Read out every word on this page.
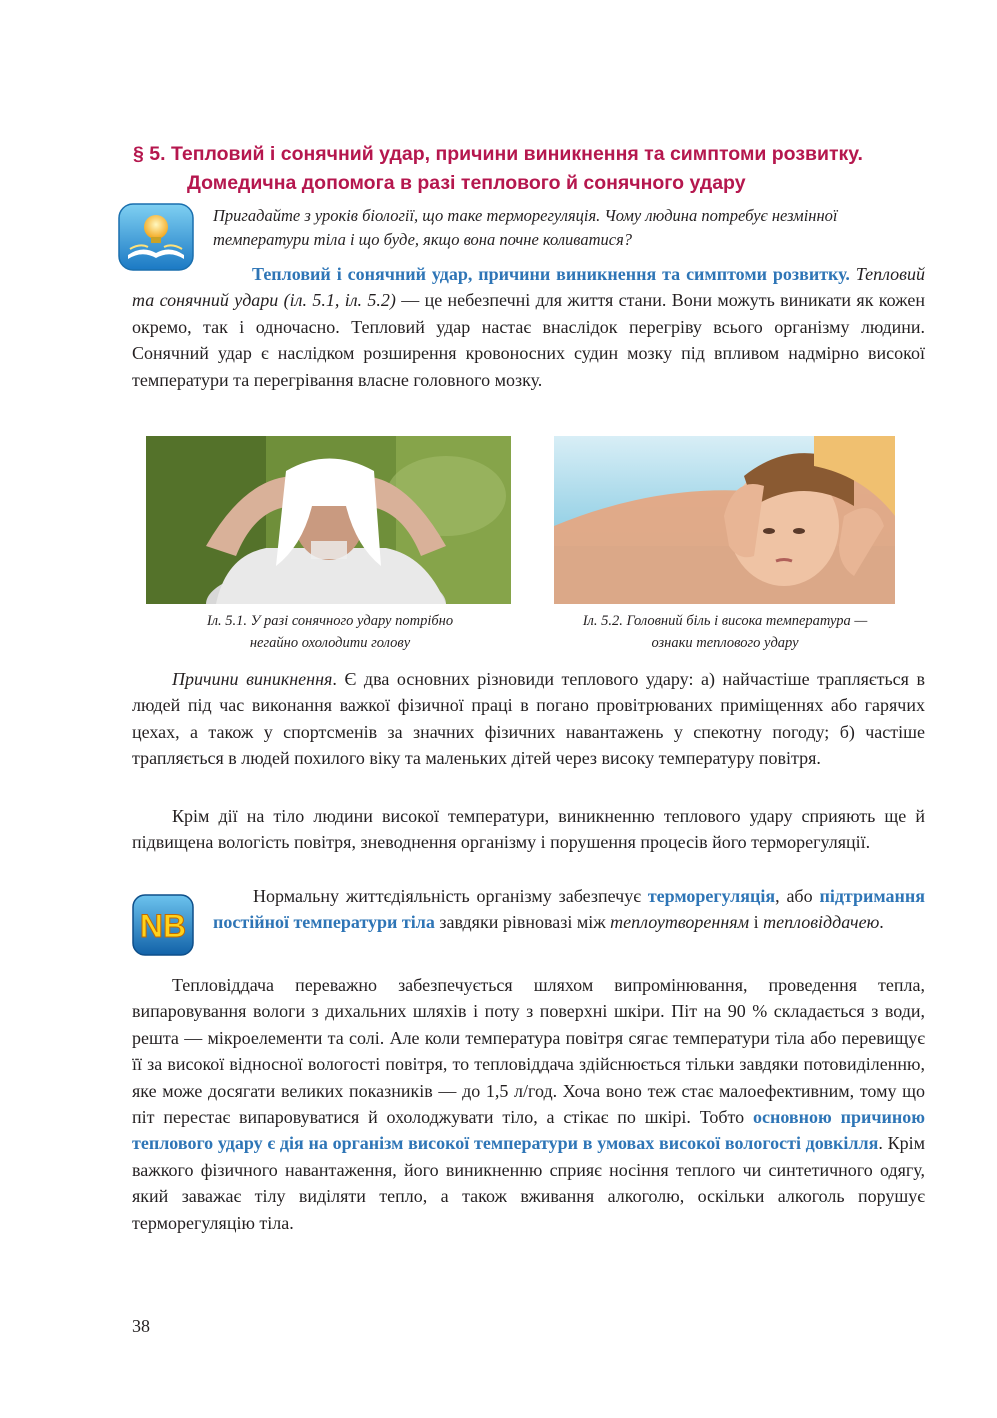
§ 5. Тепловий і сонячний удар, причини виникнення та симптоми розвитку.
Домедична допомога в разі теплового й сонячного удару
Пригадайте з уроків біології, що таке терморегуляція. Чому людина потребує незмінної температури тіла і що буде, якщо вона почне коливатися?
Тепловий і сонячний удар, причини виникнення та симптоми розвитку. Тепловий та сонячний удари (іл. 5.1, іл. 5.2) — це небезпечні для життя стани. Вони можуть виникати як кожен окремо, так і одночасно. Тепловий удар настає внаслідок перегріву всього організму людини. Сонячний удар є наслідком розширення кровоносних судин мозку під впливом надмірно високої температури та перегрівання власне головного мозку.
Іл. 5.1. У разі сонячного удару потрібно
негайно охолодити голову
Іл. 5.2. Головний біль і висока температура —
ознаки теплового удару
Причини виникнення. Є два основних різновиди теплового удару: а) найчастіше трапляється в людей під час виконання важкої фізичної праці в погано провітрюваних приміщеннях або гарячих цехах, а також у спортсменів за значних фізичних навантажень у спекотну погоду; б) частіше трапляється в людей похилого віку та маленьких дітей через високу температуру повітря.
Крім дії на тіло людини високої температури, виникненню теплового удару сприяють ще й підвищена вологість повітря, зневоднення організму і порушення процесів його терморегуляції.
NB
Нормальну життєдіяльність організму забезпечує терморегуляція, або підтримання постійної температури тіла завдяки рівновазі між теплоутворенням і тепловіддачею.
Тепловіддача переважно забезпечується шляхом випромінювання, проведення тепла, випаровування вологи з дихальних шляхів і поту з поверхні шкіри. Піт на 90 % складається з води, решта — мікроелементи та солі. Але коли температура повітря сягає температури тіла або перевищує її за високої відносної вологості повітря, то тепловіддача здійснюється тільки завдяки потовиділенню, яке може досягати великих показників — до 1,5 л/год. Хоча воно теж стає малоефективним, тому що піт перестає випаровуватися й охолоджувати тіло, а стікає по шкірі. Тобто основною причиною теплового удару є дія на організм високої температури в умовах високої вологості довкілля. Крім важкого фізичного навантаження, його виникненню сприяє носіння теплого чи синтетичного одягу, який заважає тілу виділяти тепло, а також вживання алкоголю, оскільки алкоголь порушує терморегуляцію тіла.
38
